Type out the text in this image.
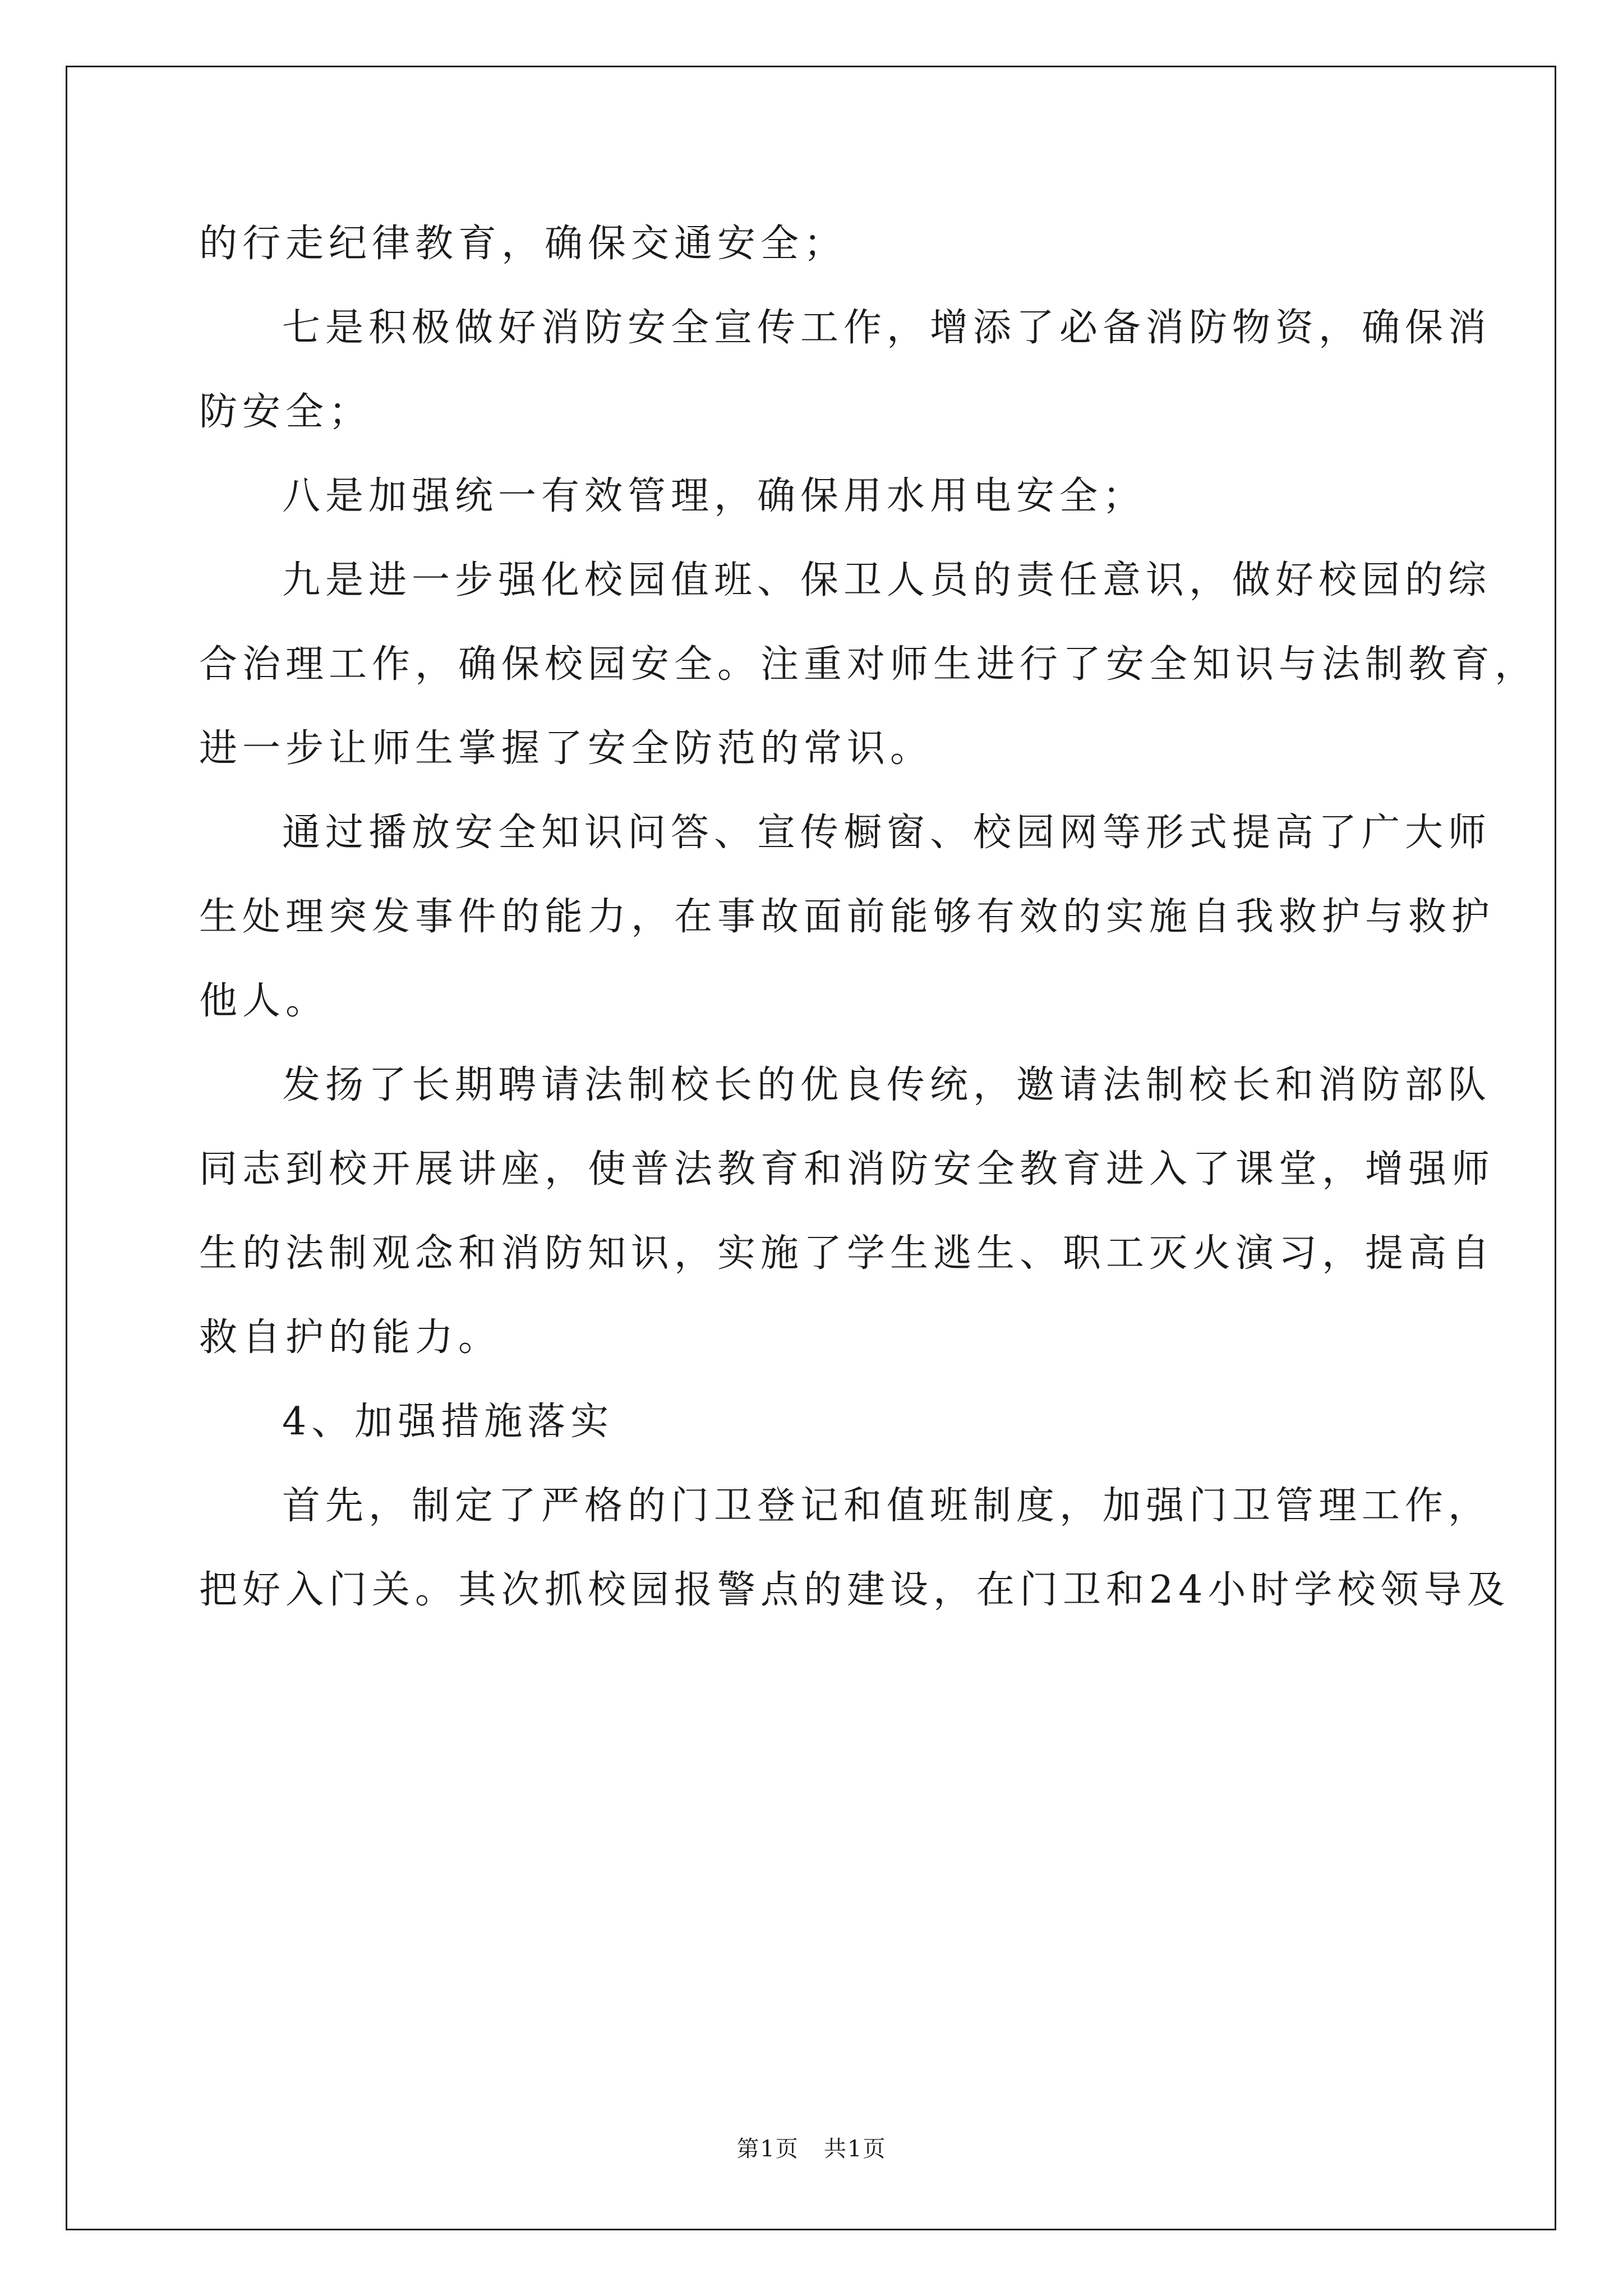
的行走纪律教育，确保交通安全；

七是积极做好消防安全宣传工作，增添了必备消防物资，确保消

防安全；

八是加强统一有效管理，确保用水用电安全；

九是进一步强化校园值班、保卫人员的责任意识，做好校园的综

合治理工作，确保校园安全。注重对师生进行了安全知识与法制教育，

进一步让师生掌握了安全防范的常识。

通过播放安全知识问答、宣传橱窗、校园网等形式提高了广大师

生处理突发事件的能力，在事故面前能够有效的实施自我救护与救护

他人。

发扬了长期聘请法制校长的优良传统，邀请法制校长和消防部队

同志到校开展讲座，使普法教育和消防安全教育进入了课堂，增强师

生的法制观念和消防知识，实施了学生逃生、职工灭火演习，提高自

救自护的能力。

4、加强措施落实

首先，制定了严格的门卫登记和值班制度，加强门卫管理工作，

把好入门关。其次抓校园报警点的建设，在门卫和24小时学校领导及

第1页   共1页
